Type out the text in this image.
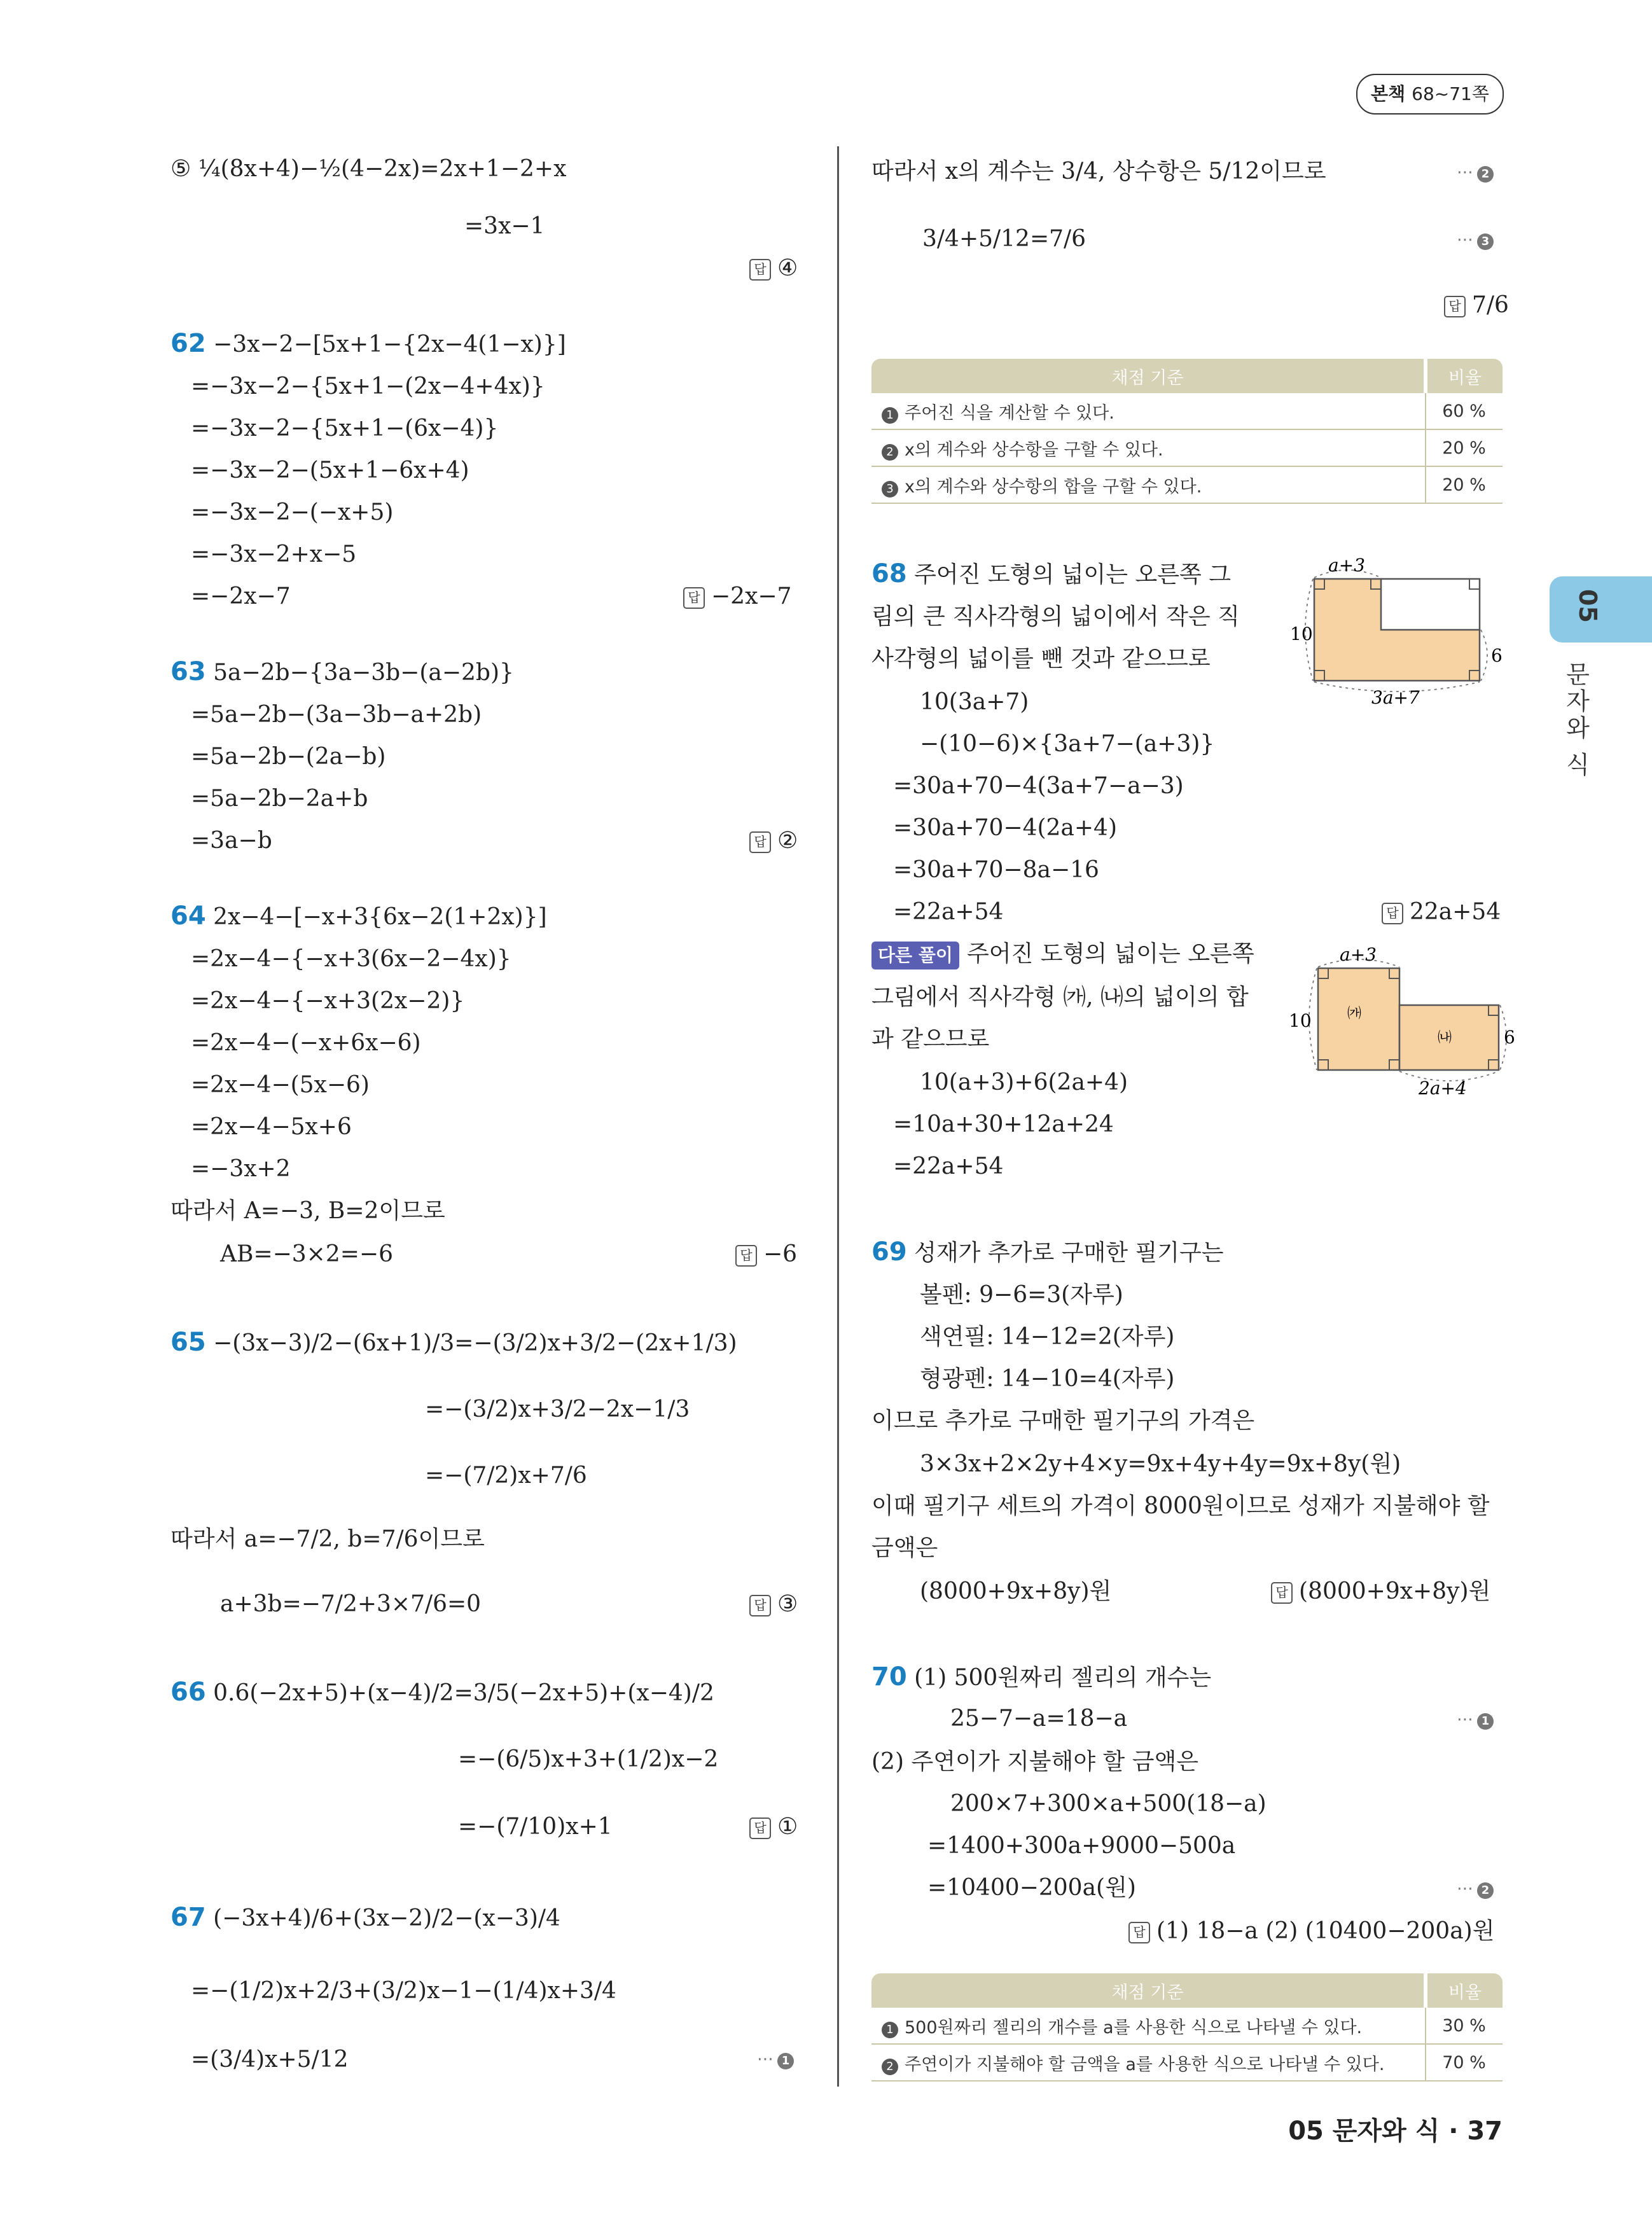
본책 68~71쪽
05
문자와 식
⑤ ¼(8x+4)−½(4−2x)=2x+1−2+x
=3x−1
답 ④
62 −3x−2−[5x+1−{2x−4(1−x)}]
=−3x−2−{5x+1−(2x−4+4x)}
=−3x−2−{5x+1−(6x−4)}
=−3x−2−(5x+1−6x+4)
=−3x−2−(−x+5)
=−3x−2+x−5
=−2x−7	답 −2x−7
63 5a−2b−{3a−3b−(a−2b)}
=5a−2b−(3a−3b−a+2b)
=5a−2b−(2a−b)
=5a−2b−2a+b
=3a−b	답 ②
64 2x−4−[−x+3{6x−2(1+2x)}]
=2x−4−{−x+3(6x−2−4x)}
=2x−4−{−x+3(2x−2)}
=2x−4−(−x+6x−6)
=2x−4−(5x−6)
=2x−4−5x+6
=−3x+2
따라서 A=−3, B=2이므로
AB=−3×2=−6	답 −6
65 −(3x−3)/2−(6x+1)/3=−(3/2)x+3/2−(2x+1/3)
=−(3/2)x+3/2−2x−1/3
=−(7/2)x+7/6
따라서 a=−7/2, b=7/6이므로
a+3b=−7/2+3×7/6=0	답 ③
66 0.6(−2x+5)+(x−4)/2=3/5(−2x+5)+(x−4)/2
=−(6/5)x+3+(1/2)x−2
=−(7/10)x+1	답 ①
67 (−3x+4)/6+(3x−2)/2−(x−3)/4
=−(1/2)x+2/3+(3/2)x−1−(1/4)x+3/4
=(3/4)x+5/12	⋯ 1
따라서 x의 계수는 3/4, 상수항은 5/12이므로	⋯ 2
3/4+5/12=7/6	⋯ 3
답 7/6
채점 기준	비율
1 주어진 식을 계산할 수 있다.	60 %
2 x의 계수와 상수항을 구할 수 있다.	20 %
3 x의 계수와 상수항의 합을 구할 수 있다.	20 %
68 주어진 도형의 넓이는 오른쪽 그
림의 큰 직사각형의 넓이에서 작은 직
사각형의 넓이를 뺀 것과 같으므로
10(3a+7)
−(10−6)×{3a+7−(a+3)}
=30a+70−4(3a+7−a−3)
=30a+70−4(2a+4)
=30a+70−8a−16
=22a+54	답 22a+54
a+3
10
6
3a+7
다른 풀이 주어진 도형의 넓이는 오른쪽
그림에서 직사각형 ㈎, ㈏의 넓이의 합
과 같으므로
10(a+3)+6(2a+4)
=10a+30+12a+24
=22a+54
a+3
10
6
2a+4
㈎
㈏
69 성재가 추가로 구매한 필기구는
볼펜: 9−6=3(자루)
색연필: 14−12=2(자루)
형광펜: 14−10=4(자루)
이므로 추가로 구매한 필기구의 가격은
3×3x+2×2y+4×y=9x+4y+4y=9x+8y(원)
이때 필기구 세트의 가격이 8000원이므로 성재가 지불해야 할
금액은
(8000+9x+8y)원	답 (8000+9x+8y)원
70 (1) 500원짜리 젤리의 개수는
25−7−a=18−a	⋯ 1
(2) 주연이가 지불해야 할 금액은
200×7+300×a+500(18−a)
=1400+300a+9000−500a
=10400−200a(원)	⋯ 2
답 (1) 18−a (2) (10400−200a)원
채점 기준	비율
1 500원짜리 젤리의 개수를 a를 사용한 식으로 나타낼 수 있다.	30 %
2 주연이가 지불해야 할 금액을 a를 사용한 식으로 나타낼 수 있다.	70 %
05 문자와 식 · 37
